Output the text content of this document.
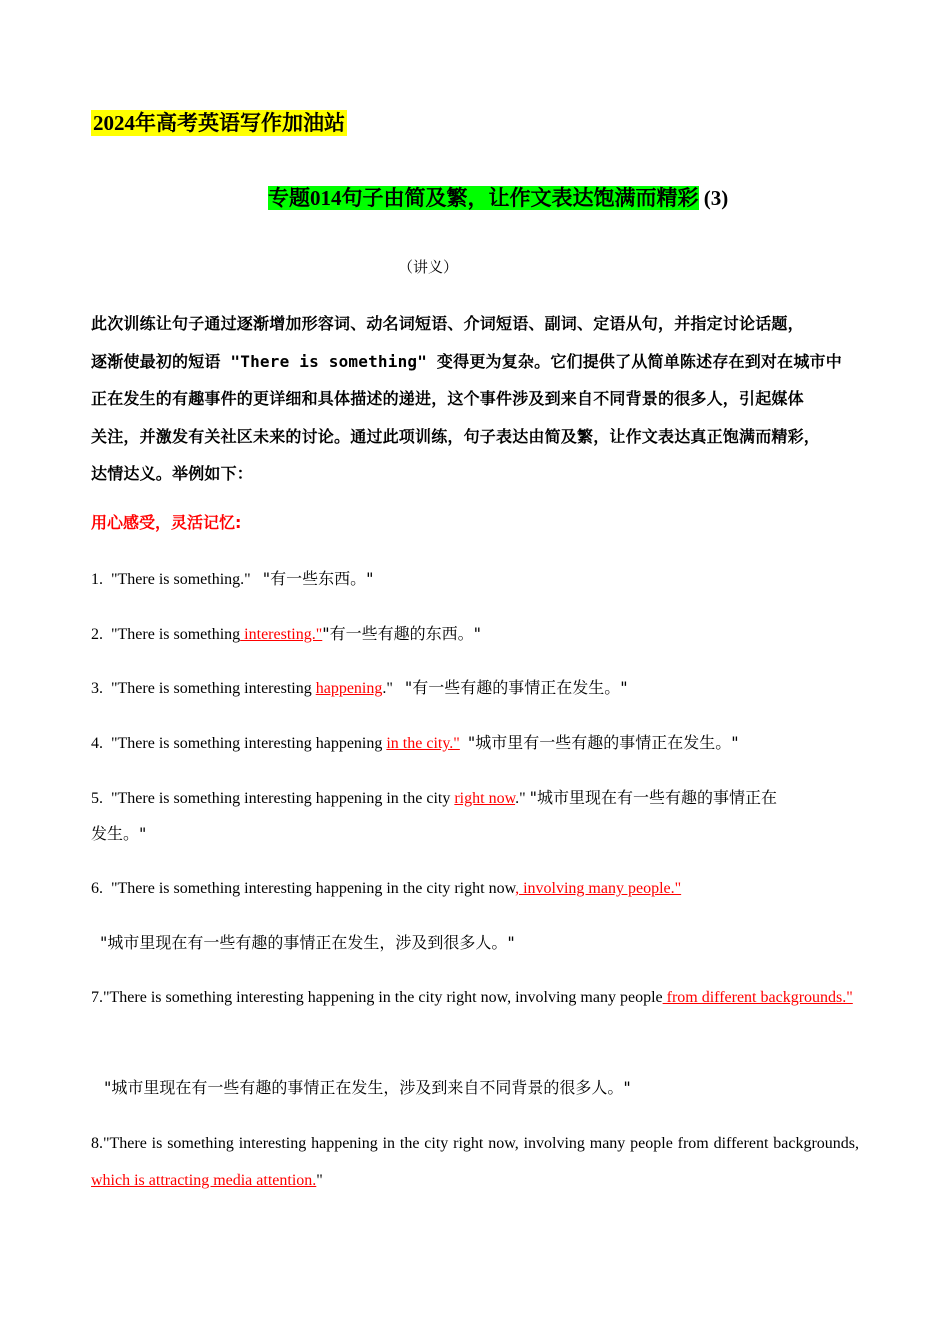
2024年高考英语写作加油站
专题014句子由简及繁，让作文表达饱满而精彩 (3)
（讲义）

此次训练让句子通过逐渐增加形容词、动名词短语、介词短语、副词、定语从句，并指定讨论话题，

逐渐使最初的短语 "There is something" 变得更为复杂。它们提供了从简单陈述存在到对在城市中

正在发生的有趣事件的更详细和具体描述的递进，这个事件涉及到来自不同背景的很多人，引起媒体

关注，并激发有关社区未来的讨论。通过此项训练，句子表达由简及繁，让作文表达真正饱满而精彩，

达情达义。举例如下：

用心感受，灵活记忆:
1. "There is something." "有一些东西。"
2. "There is something interesting.""有一些有趣的东西。"
3. "There is something interesting happening." "有一些有趣的事情正在发生。"
4. "There is something interesting happening in the city." "城市里有一些有趣的事情正在发生。"
5. "There is something interesting happening in the city right now." "城市里现在有一些有趣的事情正在
发生。"
6. "There is something interesting happening in the city right now, involving many people."
"城市里现在有一些有趣的事情正在发生，涉及到很多人。"

7."There is something interesting happening in the city right now, involving many people from different backgrounds."

"城市里现在有一些有趣的事情正在发生，涉及到来自不同背景的很多人。"

8."There is something interesting happening in the city right now, involving many people from different backgrounds, which is attracting media attention."
